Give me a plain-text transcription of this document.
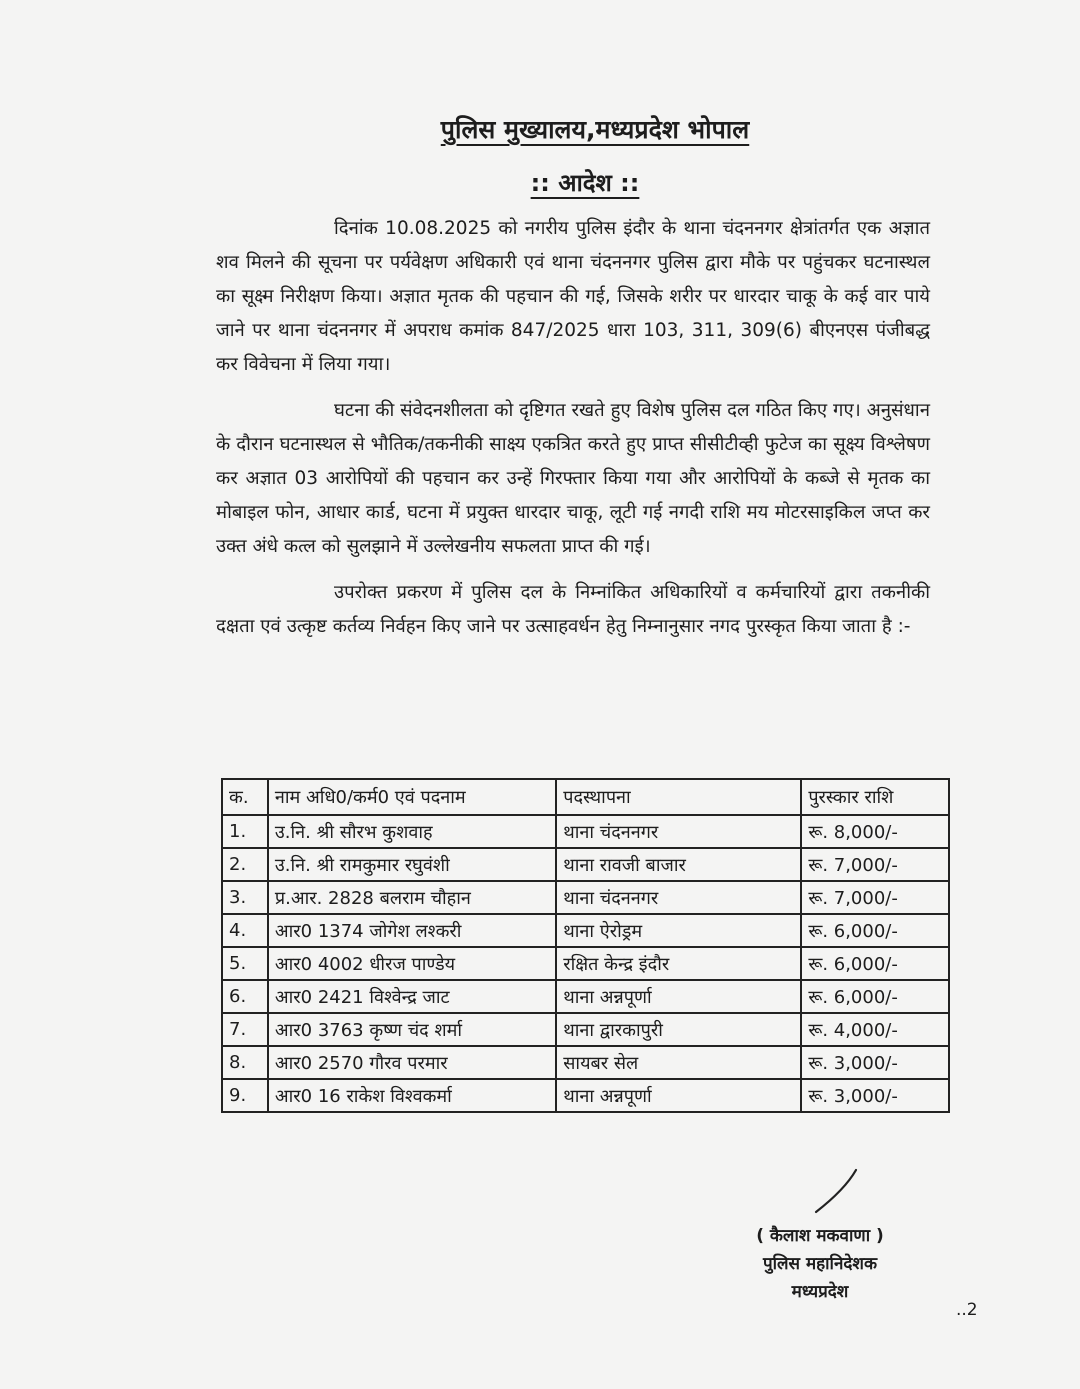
पुलिस मुख्यालय,मध्यप्रदेश भोपाल
:: आदेश ::

दिनांक 10.08.2025 को नगरीय पुलिस इंदौर के थाना चंदननगर क्षेत्रांतर्गत एक अज्ञात शव मिलने की सूचना पर पर्यवेक्षण अधिकारी एवं थाना चंदननगर पुलिस द्वारा मौके पर पहुंचकर घटनास्थल का सूक्ष्म निरीक्षण किया। अज्ञात मृतक की पहचान की गई, जिसके शरीर पर धारदार चाकू के कई वार पाये जाने पर थाना चंदननगर में अपराध कमांक 847/2025 धारा 103, 311, 309(6) बीएनएस पंजीबद्ध कर विवेचना में लिया गया।

घटना की संवेदनशीलता को दृष्टिगत रखते हुए विशेष पुलिस दल गठित किए गए। अनुसंधान के दौरान घटनास्थल से भौतिक/तकनीकी साक्ष्य एकत्रित करते हुए प्राप्त सीसीटीव्ही फुटेज का सूक्ष्य विश्लेषण कर अज्ञात 03 आरोपियों की पहचान कर उन्हें गिरफ्तार किया गया और आरोपियों के कब्जे से मृतक का मोबाइल फोन, आधार कार्ड, घटना में प्रयुक्त धारदार चाकू, लूटी गई नगदी राशि मय मोटरसाइकिल जप्त कर उक्त अंधे कत्ल को सुलझाने में उल्लेखनीय सफलता प्राप्त की गई।

उपरोक्त प्रकरण में पुलिस दल के निम्नांकित अधिकारियों व कर्मचारियों द्वारा तकनीकी दक्षता एवं उत्कृष्ट कर्तव्य निर्वहन किए जाने पर उत्साहवर्धन हेतु निम्नानुसार नगद पुरस्कृत किया जाता है :-

क.	नाम अधि0/कर्म0 एवं पदनाम	पदस्थापना	पुरस्कार राशि
1.	उ.नि. श्री सौरभ कुशवाह	थाना चंदननगर	रू. 8,000/-
2.	उ.नि. श्री रामकुमार रघुवंशी	थाना रावजी बाजार	रू. 7,000/-
3.	प्र.आर. 2828 बलराम चौहान	थाना चंदननगर	रू. 7,000/-
4.	आर0 1374 जोगेश लश्करी	थाना ऐरोड्रम	रू. 6,000/-
5.	आर0 4002 धीरज पाण्डेय	रक्षित केन्द्र इंदौर	रू. 6,000/-
6.	आर0 2421 विश्वेन्द्र जाट	थाना अन्नपूर्णा	रू. 6,000/-
7.	आर0 3763 कृष्ण चंद शर्मा	थाना द्वारकापुरी	रू. 4,000/-
8.	आर0 2570 गौरव परमार	सायबर सेल	रू. 3,000/-
9.	आर0 16 राकेश विश्वकर्मा	थाना अन्नपूर्णा	रू. 3,000/-
( कैलाश मकवाणा )
पुलिस महानिदेशक
मध्यप्रदेश
..2
